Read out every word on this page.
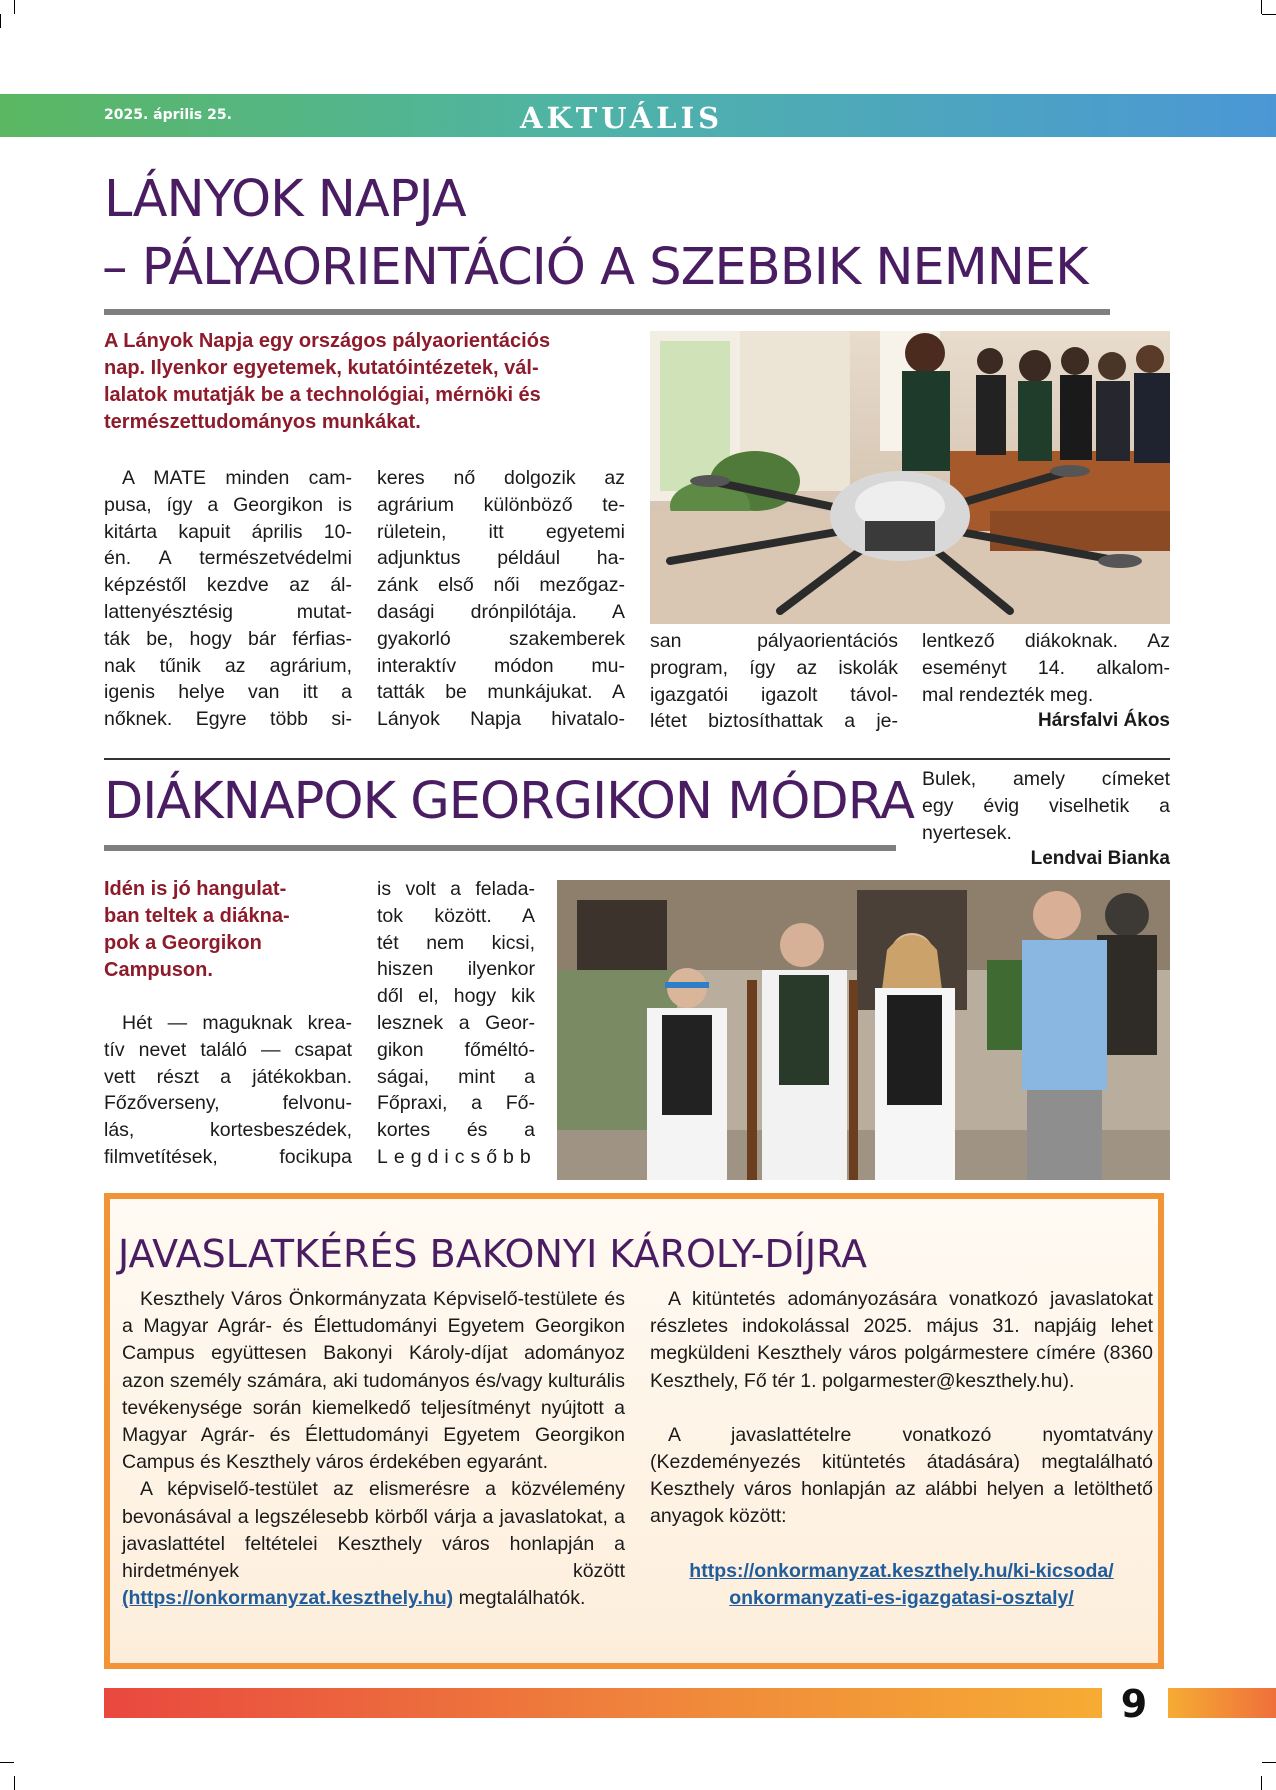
2025. április 25.	AKTUÁLIS
LÁNYOK NAPJA
– PÁLYAORIENTÁCIÓ A SZEBBIK NEMNEK
A Lányok Napja egy országos pályaorientációs
nap. Ilyenkor egyetemek, kutatóintézetek, vál-
lalatok mutatják be a technológiai, mérnöki és
természettudományos munkákat.
A MATE minden cam-
pusa, így a Georgikon is
kitárta kapuit április 10-
én. A természetvédelmi
képzéstől kezdve az ál-
lattenyésztésig mutat-
ták be, hogy bár férfias-
nak tűnik az agrárium,
igenis helye van itt a
nőknek. Egyre több si-
keres nő dolgozik az
agrárium különböző te-
rületein, itt egyetemi
adjunktus például ha-
zánk első női mezőgaz-
dasági drónpilótája. A
gyakorló szakemberek
interaktív módon mu-
tatták be munkájukat. A
Lányok Napja hivatalo-
san pályaorientációs
program, így az iskolák
igazgatói igazolt távol-
létet biztosíthattak a je-
lentkező diákoknak. Az
eseményt 14. alkalom-
mal rendezték meg.
Hársfalvi Ákos
DIÁKNAPOK GEORGIKON MÓDRA Bulek, amely címeket
egy évig viselhetik a
nyertesek.
Lendvai Bianka
Idén is jó hangulat-
ban teltek a diákna-
pok a Georgikon
Campuson.
Hét — maguknak krea-
tív nevet találó — csapat
vett részt a játékokban.
Főzőverseny, felvonu-
lás, kortesbeszédek,
filmvetítések, focikupa
is volt a felada-
tok között. A
tét nem kicsi,
hiszen ilyenkor
dől el, hogy kik
lesznek a Geor-
gikon főméltó-
ságai, mint a
Főpraxi, a Fő-
kortes és a
Legdicsőbb
JAVASLATKÉRÉS BAKONYI KÁROLY-DÍJRA

Keszthely Város Önkormányzata Képviselő-testülete és a Magyar Agrár- és Élettudományi Egyetem Georgikon Campus együttesen Bakonyi Károly-díjat adományoz azon személy számára, aki tudományos és/vagy kulturális tevékenysége során kiemelkedő teljesítményt nyújtott a Magyar Agrár- és Élettudományi Egyetem Georgikon Campus és Keszthely város érdekében egyaránt.

A képviselő-testület az elismerésre a közvélemény bevonásával a legszélesebb körből várja a javaslatokat, a javaslattétel feltételei Keszthely város honlapján a hirdetmények között (https://onkormanyzat.keszthely.hu) megtalálhatók.

A kitüntetés adományozására vonatkozó javaslatokat részletes indokolással 2025. május 31. napjáig lehet megküldeni Keszthely város polgármestere címére (8360 Keszthely, Fő tér 1. polgarmester@keszthely.hu).

A javaslattételre vonatkozó nyomtatvány (Kezdeményezés kitüntetés átadására) megtalálható Keszthely város honlapján az alábbi helyen a letölthető anyagok között:

https://onkormanyzat.keszthely.hu/ki-kicsoda/
onkormanyzati-es-igazgatasi-osztaly/
9
